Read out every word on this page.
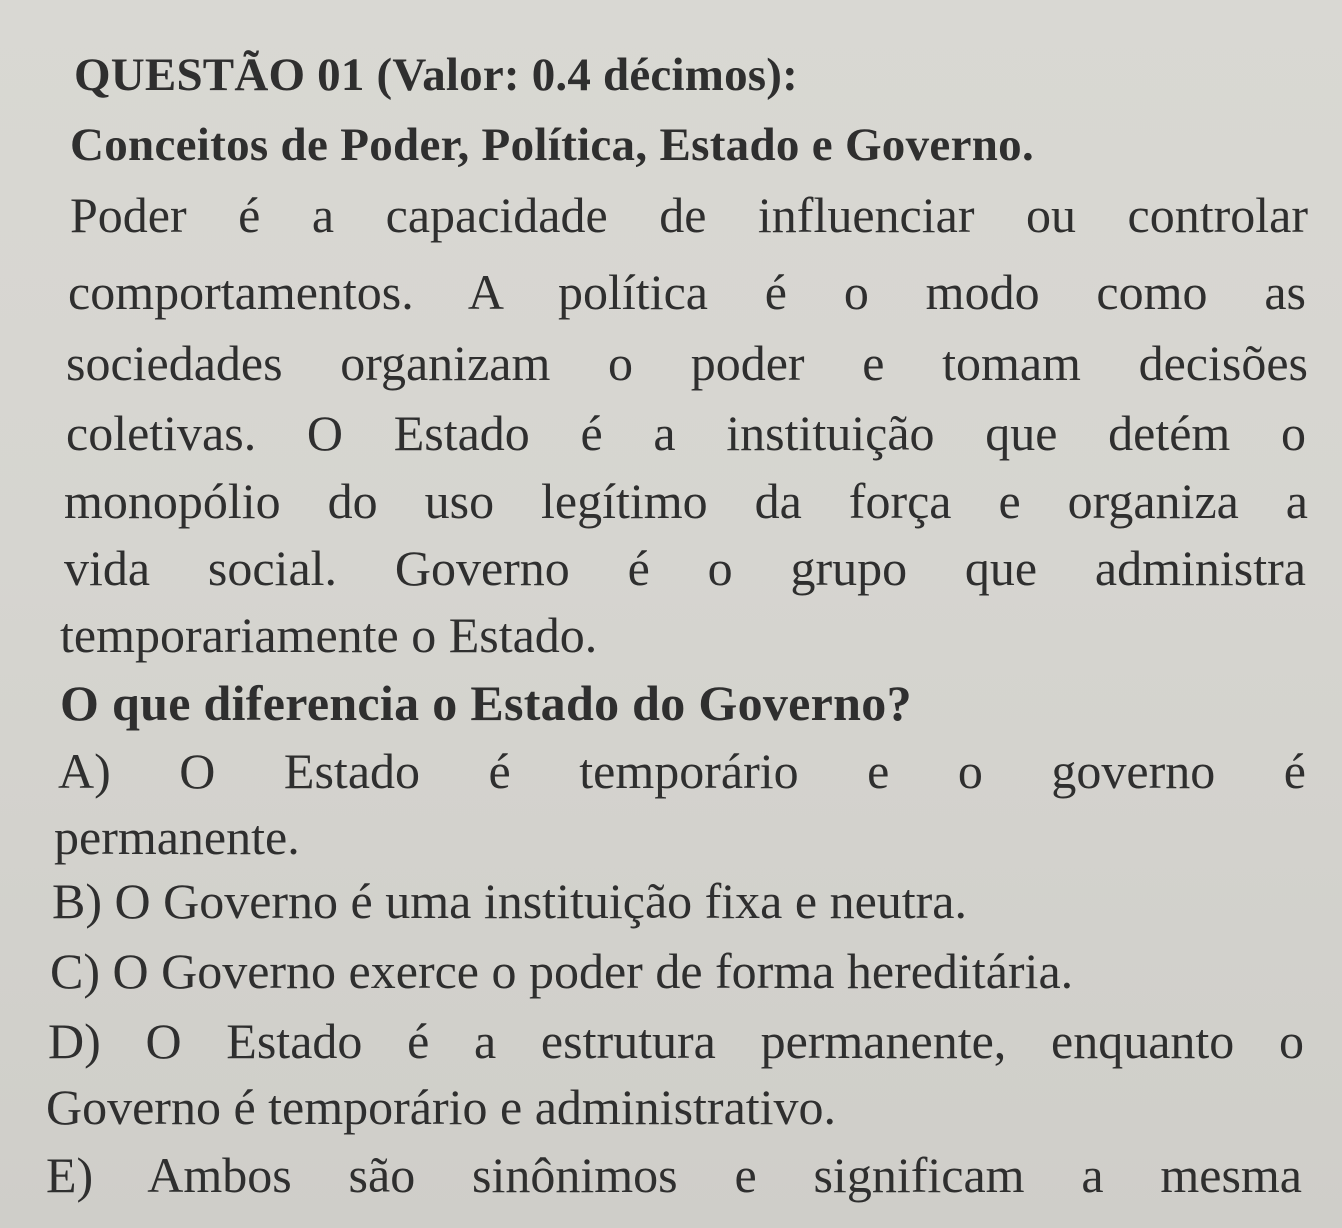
QUESTÃO 01 (Valor: 0.4 décimos):
Conceitos de Poder, Política, Estado e Governo.
Poder é a capacidade de influenciar ou controlar
comportamentos. A política é o modo como as
sociedades organizam o poder e tomam decisões
coletivas. O Estado é a instituição que detém o
monopólio do uso legítimo da força e organiza a
vida social. Governo é o grupo que administra
temporariamente o Estado.
O que diferencia o Estado do Governo?
A) O Estado é temporário e o governo é
permanente.
B) O Governo é uma instituição fixa e neutra.
C) O Governo exerce o poder de forma hereditária.
D) O Estado é a estrutura permanente, enquanto o
Governo é temporário e administrativo.
E) Ambos são sinônimos e significam a mesma
